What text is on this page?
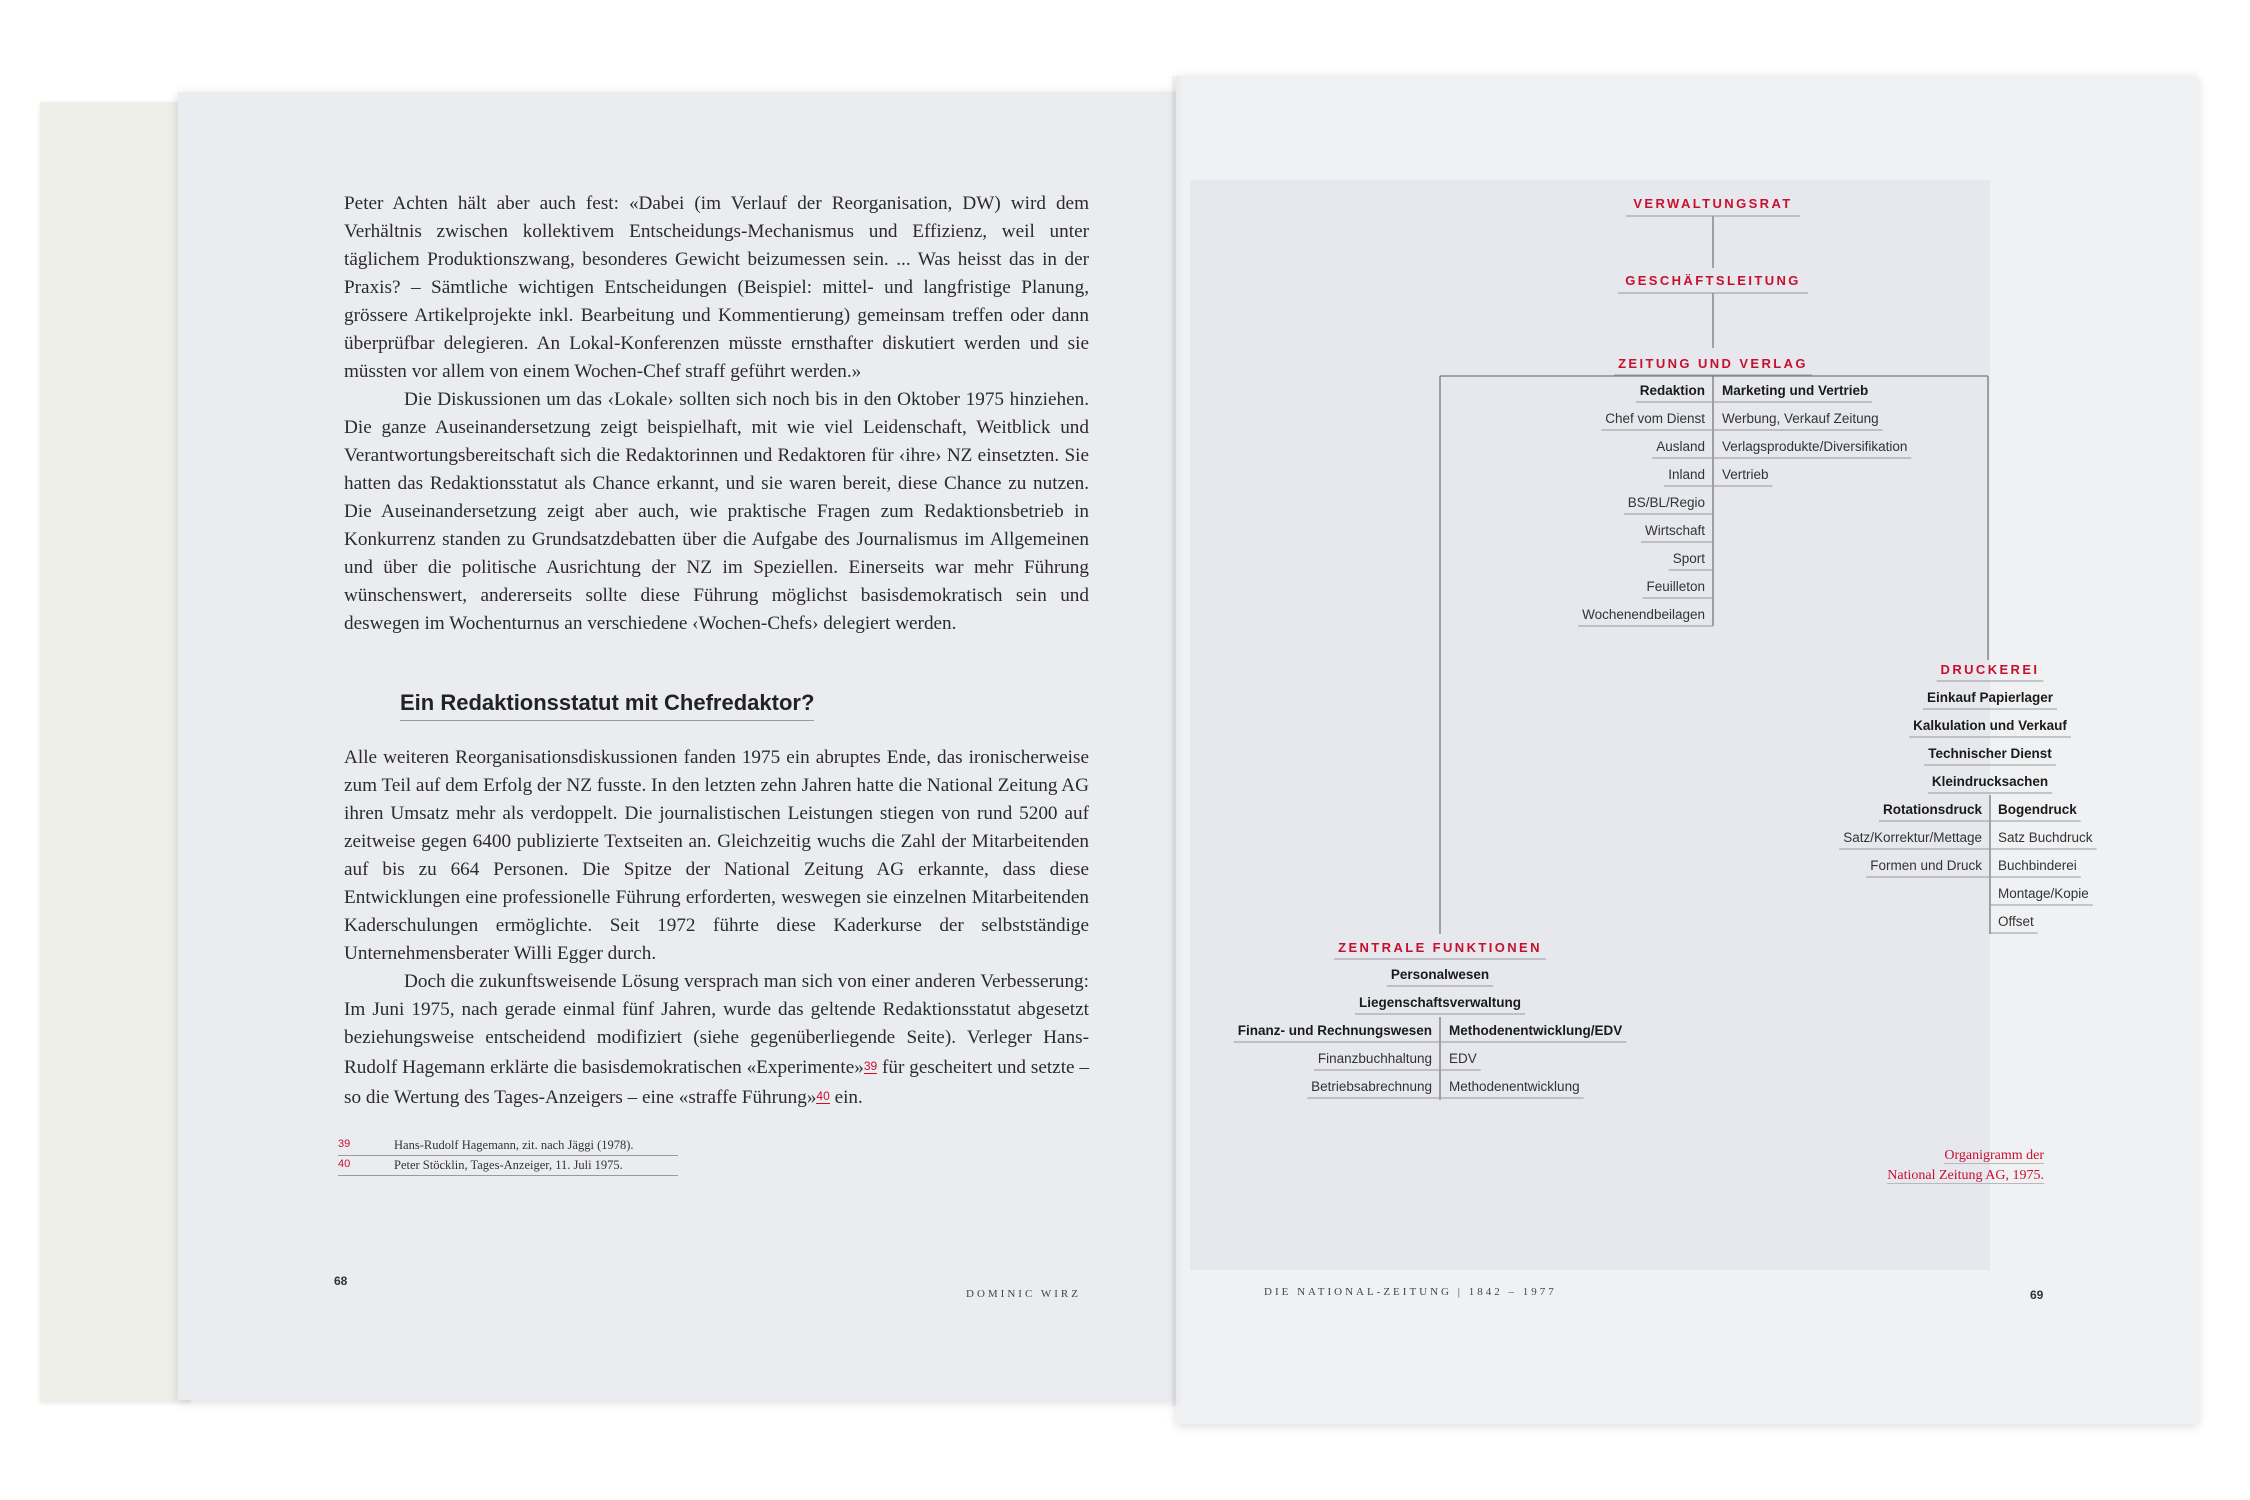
Peter Achten hält aber auch fest: «Dabei (im Verlauf der Reorganisation, DW) wird dem Verhältnis zwischen kollektivem Entscheidungs-Mechanismus und Effizienz, weil unter täglichem Produktionszwang, besonderes Gewicht beizumessen sein. ... Was heisst das in der Praxis? – Sämtliche wichtigen Entscheidungen (Beispiel: mittel- und langfristige Planung, grössere Artikelprojekte inkl. Bearbeitung und Kommentierung) gemeinsam treffen oder dann überprüfbar delegieren. An Lokal-Konferenzen müsste ernsthafter diskutiert werden und sie müssten vor allem von einem Wochen-Chef straff geführt werden.»

Die Diskussionen um das ‹Lokale› sollten sich noch bis in den Oktober 1975 hinziehen. Die ganze Auseinandersetzung zeigt beispielhaft, mit wie viel Leidenschaft, Weitblick und Verantwortungsbereitschaft sich die Redaktorinnen und Redaktoren für ‹ihre› NZ einsetzten. Sie hatten das Redaktionsstatut als Chance erkannt, und sie waren bereit, diese Chance zu nutzen. Die Auseinandersetzung zeigt aber auch, wie praktische Fragen zum Redaktionsbetrieb in Konkurrenz standen zu Grundsatzdebatten über die Aufgabe des Journalismus im Allgemeinen und über die politische Ausrichtung der NZ im Speziellen. Einerseits war mehr Führung wünschenswert, andererseits sollte diese Führung möglichst basisdemokratisch sein und deswegen im Wochenturnus an verschiedene ‹Wochen-Chefs› delegiert werden.

Ein Redaktionsstatut mit Chefredaktor?

Alle weiteren Reorganisationsdiskussionen fanden 1975 ein abruptes Ende, das ironischerweise zum Teil auf dem Erfolg der NZ fusste. In den letzten zehn Jahren hatte die National Zeitung AG ihren Umsatz mehr als verdoppelt. Die journalistischen Leistungen stiegen von rund 5200 auf zeitweise gegen 6400 publizierte Textseiten an. Gleichzeitig wuchs die Zahl der Mitarbeitenden auf bis zu 664 Personen. Die Spitze der National Zeitung AG erkannte, dass diese Entwicklungen eine professionelle Führung erforderten, weswegen sie einzelnen Mitarbeitenden Kaderschulungen ermöglichte. Seit 1972 führte diese Kaderkurse der selbstständige Unternehmensberater Willi Egger durch.

Doch die zukunftsweisende Lösung versprach man sich von einer anderen Verbesserung: Im Juni 1975, nach gerade einmal fünf Jahren, wurde das geltende Redaktionsstatut abgesetzt beziehungsweise entscheidend modifiziert (siehe gegenüberliegende Seite). Verleger Hans-Rudolf Hagemann erklärte die basisdemokratischen «Experimente»39 für gescheitert und setzte – so die Wertung des Tages-Anzeigers – eine «straffe Führung»40 ein.

39	Hans-Rudolf Hagemann, zit. nach Jäggi (1978).
40	Peter Stöcklin, Tages-Anzeiger, 11. Juli 1975.
68
DOMINIC WIRZ
VERWALTUNGSRAT
GESCHÄFTSLEITUNG
ZEITUNG UND VERLAG
Redaktion
Chef vom Dienst
Ausland
Inland
BS/BL/Regio
Wirtschaft
Sport
Feuilleton
Wochenendbeilagen
Marketing und Vertrieb
Werbung, Verkauf Zeitung
Verlagsprodukte/Diversifikation
Vertrieb
DRUCKEREI
Einkauf Papierlager
Kalkulation und Verkauf
Technischer Dienst
Kleindrucksachen
Rotationsdruck Bogendruck
Satz/Korrektur/Mettage
Formen und Druck
Satz Buchdruck
Buchbinderei
Montage/Kopie
Offset
ZENTRALE FUNKTIONEN
Personalwesen
Liegenschaftsverwaltung
Finanz- und Rechnungswesen Methodenentwicklung/EDV
Finanzbuchhaltung
Betriebsabrechnung
EDV
Methodenentwicklung
Organigramm der
National Zeitung AG, 1975.
DIE NATIONAL-ZEITUNG | 1842 – 1977	69
